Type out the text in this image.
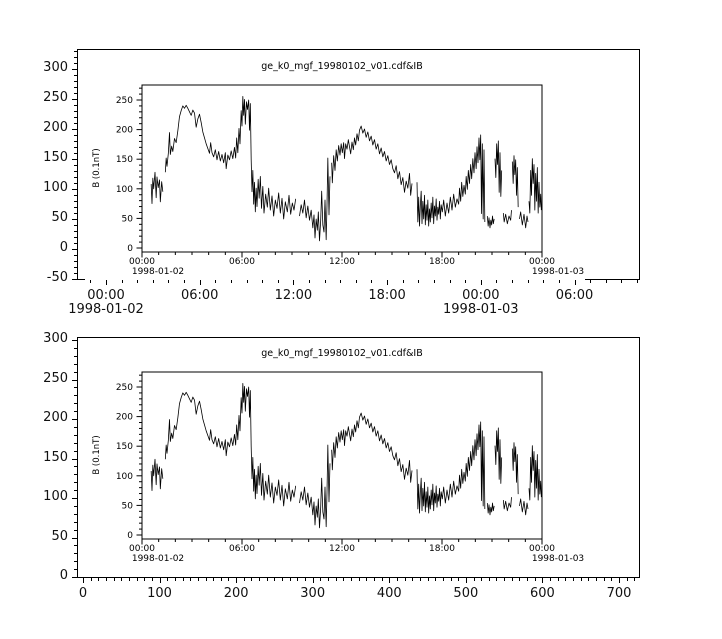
300
250
200
150
100
50
0
-50
00:00
1998-01-02
06:00	12:00	18:00	00:00
1998-01-03
06:00
300
250
200
150
100
50
0
0	100	200	300	400	500	600	700
ge_k0_mgf_19980102_v01.cdf&IB
0
50
100
150
200
250
B (0.1nT)
00:00	06:00	12:00	18:00	00:00
1998-01-02	1998-01-03
ge_k0_mgf_19980102_v01.cdf&IB
0
50
100
150
200
250
B (0.1nT)
00:00	06:00	12:00	18:00	00:00
1998-01-02	1998-01-03
